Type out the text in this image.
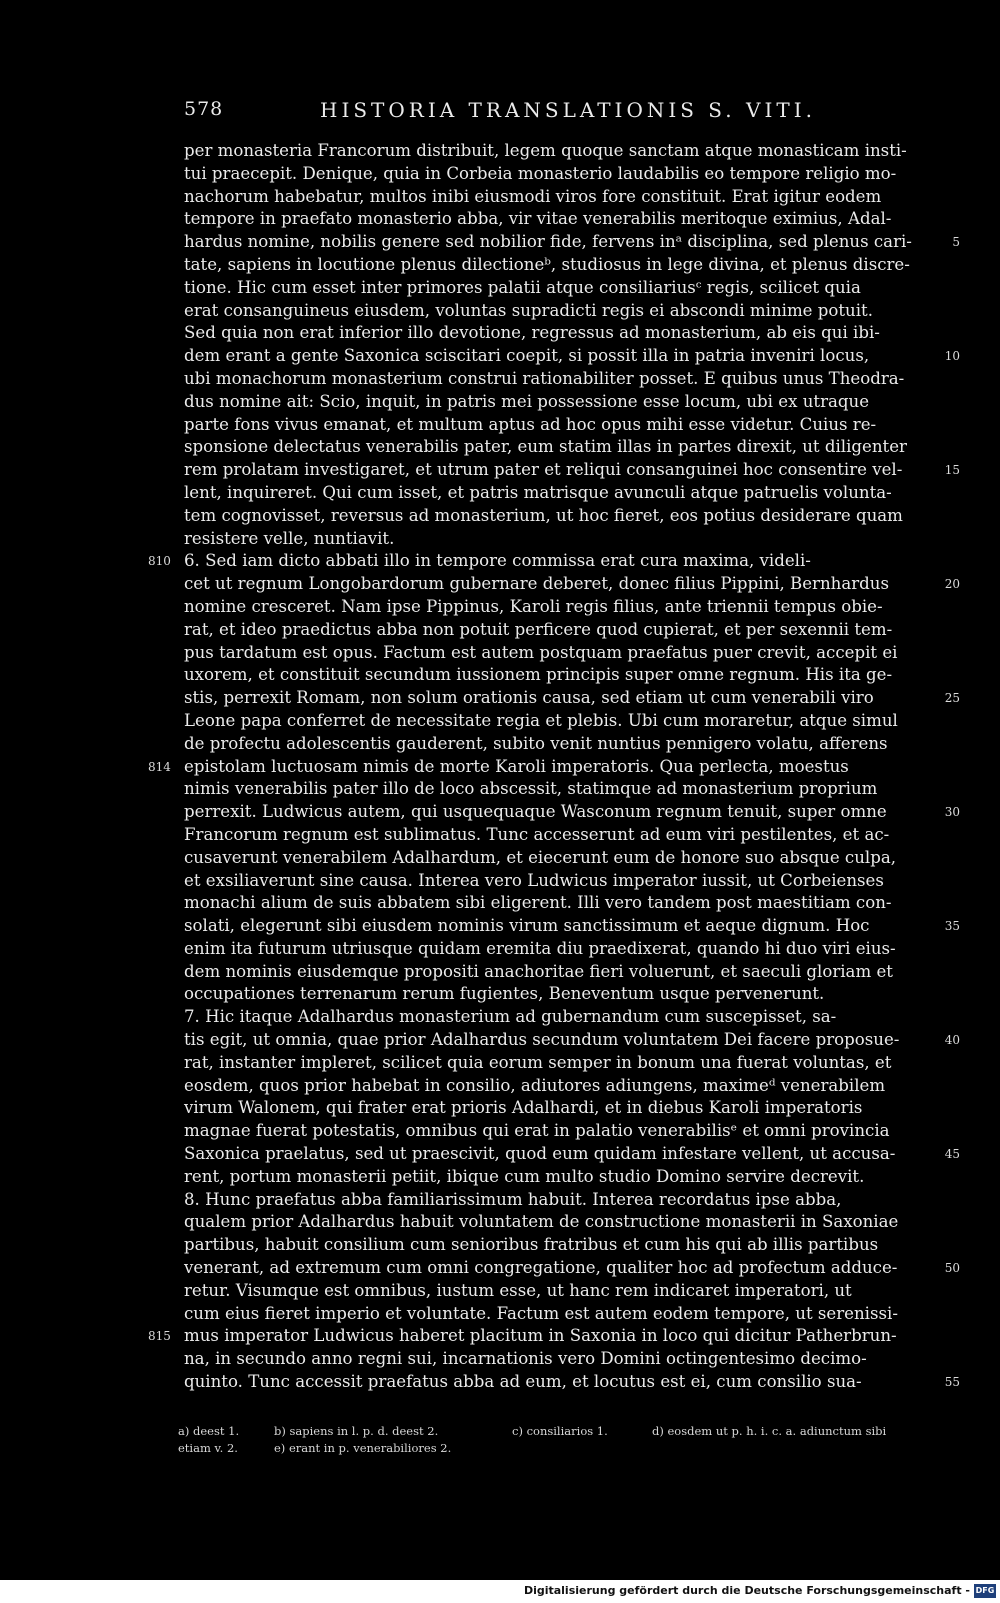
578	HISTORIA TRANSLATIONIS S. VITI.
per monasteria Francorum distribuit, legem quoque sanctam atque monasticam insti-
tui praecepit. Denique, quia in Corbeia monasterio laudabilis eo tempore religio mo-
nachorum habebatur, multos inibi eiusmodi viros fore constituit. Erat igitur eodem
tempore in praefato monasterio abba, vir vitae venerabilis meritoque eximius, Adal-
hardus nomine, nobilis genere sed nobilior fide, fervens inᵃ disciplina, sed plenus cari-	5
tate, sapiens in locutione plenus dilectioneᵇ, studiosus in lege divina, et plenus discre-
tione. Hic cum esset inter primores palatii atque consiliariusᶜ regis, scilicet quia
erat consanguineus eiusdem, voluntas supradicti regis ei abscondi minime potuit.
Sed quia non erat inferior illo devotione, regressus ad monasterium, ab eis qui ibi-
dem erant a gente Saxonica sciscitari coepit, si possit illa in patria inveniri locus,	10
ubi monachorum monasterium construi rationabiliter posset. E quibus unus Theodra-
dus nomine ait: Scio, inquit, in patris mei possessione esse locum, ubi ex utraque
parte fons vivus emanat, et multum aptus ad hoc opus mihi esse videtur. Cuius re-
sponsione delectatus venerabilis pater, eum statim illas in partes direxit, ut diligenter
rem prolatam investigaret, et utrum pater et reliqui consanguinei hoc consentire vel-	15
lent, inquireret. Qui cum isset, et patris matrisque avunculi atque patruelis volunta-
tem cognovisset, reversus ad monasterium, ut hoc fieret, eos potius desiderare quam
resistere velle, nuntiavit.
6. Sed iam dicto abbati illo in tempore commissa erat cura maxima, videli-
810
cet ut regnum Longobardorum gubernare deberet, donec filius Pippini, Bernhardus	20
nomine cresceret. Nam ipse Pippinus, Karoli regis filius, ante triennii tempus obie-
rat, et ideo praedictus abba non potuit perficere quod cupierat, et per sexennii tem-
pus tardatum est opus. Factum est autem postquam praefatus puer crevit, accepit ei
uxorem, et constituit secundum iussionem principis super omne regnum. His ita ge-
stis, perrexit Romam, non solum orationis causa, sed etiam ut cum venerabili viro	25
Leone papa conferret de necessitate regia et plebis. Ubi cum moraretur, atque simul
de profectu adolescentis gauderent, subito venit nuntius pennigero volatu, afferens
epistolam luctuosam nimis de morte Karoli imperatoris. Qua perlecta, moestus
814
nimis venerabilis pater illo de loco abscessit, statimque ad monasterium proprium
perrexit. Ludwicus autem, qui usquequaque Wasconum regnum tenuit, super omne	30
Francorum regnum est sublimatus. Tunc accesserunt ad eum viri pestilentes, et ac-
cusaverunt venerabilem Adalhardum, et eiecerunt eum de honore suo absque culpa,
et exsiliaverunt sine causa. Interea vero Ludwicus imperator iussit, ut Corbeienses
monachi alium de suis abbatem sibi eligerent. Illi vero tandem post maestitiam con-
solati, elegerunt sibi eiusdem nominis virum sanctissimum et aeque dignum. Hoc	35
enim ita futurum utriusque quidam eremita diu praedixerat, quando hi duo viri eius-
dem nominis eiusdemque propositi anachoritae fieri voluerunt, et saeculi gloriam et
occupationes terrenarum rerum fugientes, Beneventum usque pervenerunt.
7. Hic itaque Adalhardus monasterium ad gubernandum cum suscepisset, sa-
tis egit, ut omnia, quae prior Adalhardus secundum voluntatem Dei facere proposue-	40
rat, instanter impleret, scilicet quia eorum semper in bonum una fuerat voluntas, et
eosdem, quos prior habebat in consilio, adiutores adiungens, maximeᵈ venerabilem
virum Walonem, qui frater erat prioris Adalhardi, et in diebus Karoli imperatoris
magnae fuerat potestatis, omnibus qui erat in palatio venerabilisᵉ et omni provincia
Saxonica praelatus, sed ut praescivit, quod eum quidam infestare vellent, ut accusa-	45
rent, portum monasterii petiit, ibique cum multo studio Domino servire decrevit.
8. Hunc praefatus abba familiarissimum habuit. Interea recordatus ipse abba,
qualem prior Adalhardus habuit voluntatem de constructione monasterii in Saxoniae
partibus, habuit consilium cum senioribus fratribus et cum his qui ab illis partibus
venerant, ad extremum cum omni congregatione, qualiter hoc ad profectum adduce-	50
retur. Visumque est omnibus, iustum esse, ut hanc rem indicaret imperatori, ut
cum eius fieret imperio et voluntate. Factum est autem eodem tempore, ut serenissi-
mus imperator Ludwicus haberet placitum in Saxonia in loco qui dicitur Patherbrun-
815
na, in secundo anno regni sui, incarnationis vero Domini octingentesimo decimo-
quinto. Tunc accessit praefatus abba ad eum, et locutus est ei, cum consilio sua-	55
a) deest 1.	b) sapiens in l. p. d. deest 2.	c) consiliarios 1.	d) eosdem ut p. h. i. c. a. adiunctum sibi
etiam v. 2.	e) erant in p. venerabiliores 2.
Digitalisierung gefördert durch die Deutsche Forschungsgemeinschaft - DFG
